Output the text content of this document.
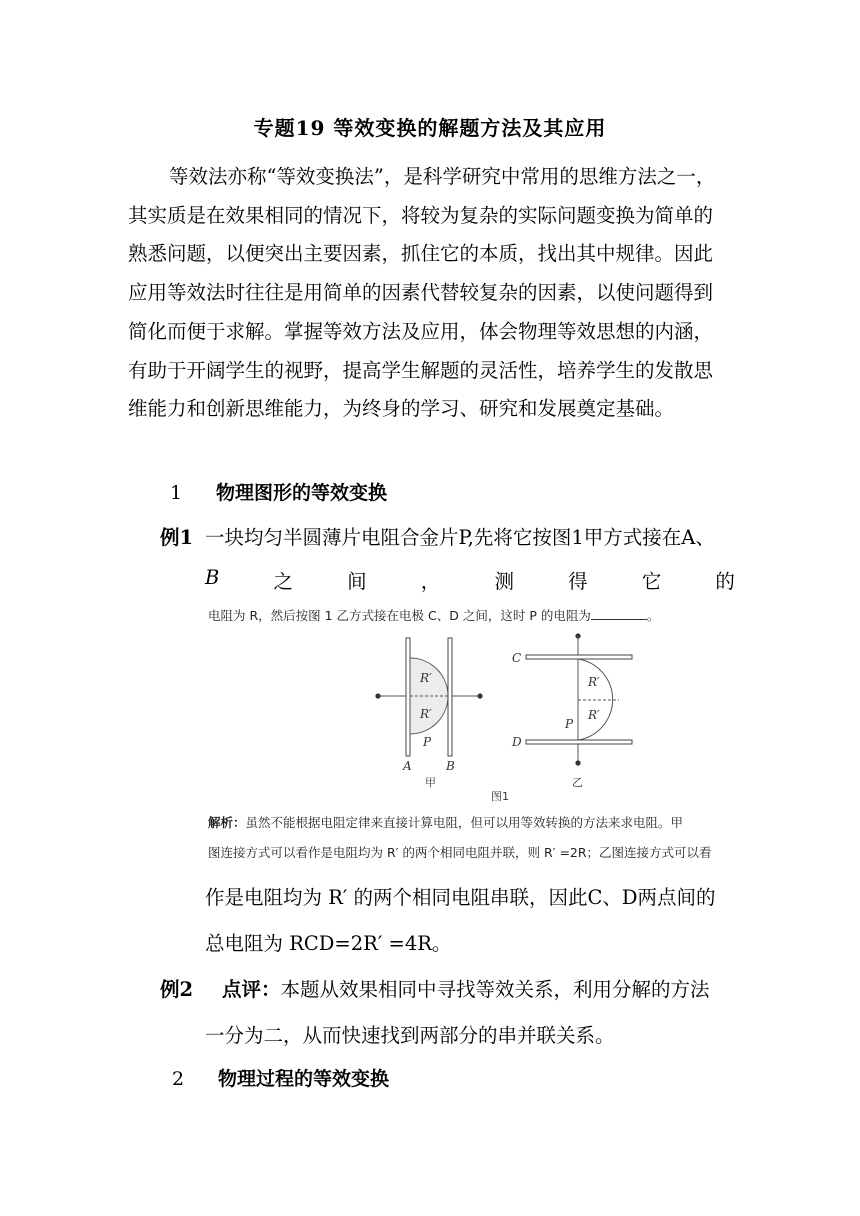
专题19 等效变换的解题方法及其应用

等效法亦称“等效变换法”，是科学研究中常用的思维方法之一，

其实质是在效果相同的情况下，将较为复杂的实际问题变换为简单的

熟悉问题，以便突出主要因素，抓住它的本质，找出其中规律。因此

应用等效法时往往是用简单的因素代替较复杂的因素，以使问题得到

简化而便于求解。掌握等效方法及应用，体会物理等效思想的内涵，

有助于开阔学生的视野，提高学生解题的灵活性，培养学生的发散思

维能力和创新思维能力，为终身的学习、研究和发展奠定基础。

1 物理图形的等效变换
例1 一块均匀半圆薄片电阻合金片P,先将它按图1甲方式接在A、
B	之	间	，	测	得	它	的
电阻为 R，然后按图 1 乙方式接在电极 C、D 之间，这时 P 的电阻为	。
R′
R′
P
A	B
甲
C
D
R′
R′
P
乙
图1
解析：虽然不能根据电阻定律来直接计算电阻，但可以用等效转换的方法来求电阻。甲
图连接方式可以看作是电阻均为 R′ 的两个相同电阻并联，则 R′ =2R；乙图连接方式可以看
作是电阻均为 R′ 的两个相同电阻串联，因此C、D两点间的
总电阻为 RCD=2R′ =4R。
例2 点评：本题从效果相同中寻找等效关系，利用分解的方法
一分为二，从而快速找到两部分的串并联关系。
2 物理过程的等效变换
